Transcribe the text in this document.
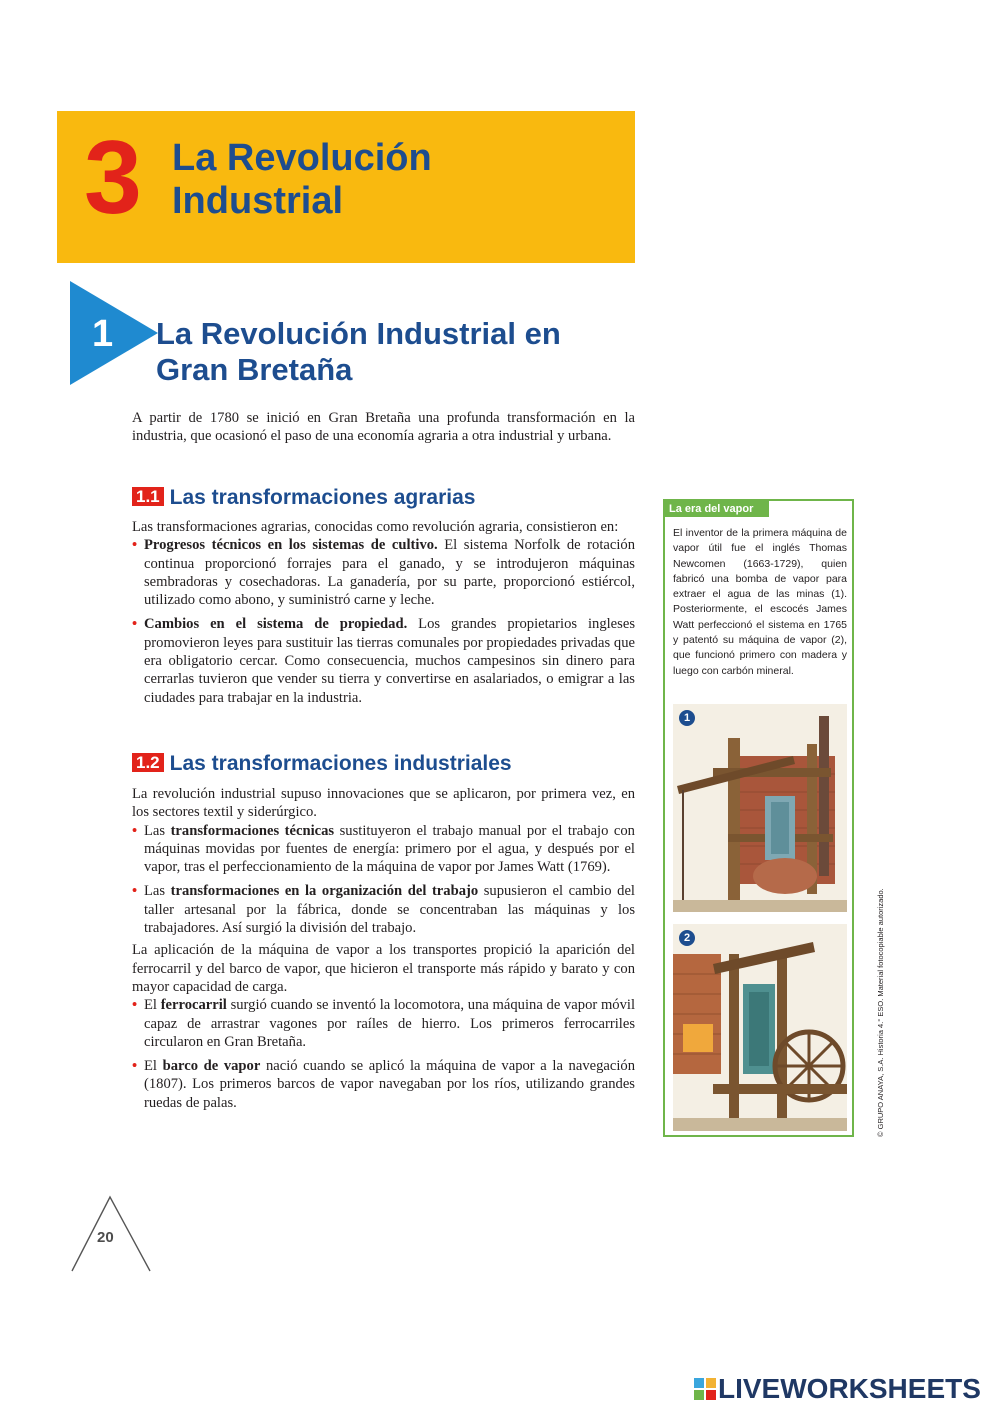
3 La Revolución
Industrial
1 La Revolución Industrial en
Gran Bretaña

A partir de 1780 se inició en Gran Bretaña una profunda transformación en la industria, que ocasionó el paso de una economía agraria a otra industrial y urbana.

1.1 Las transformaciones agrarias

Las transformaciones agrarias, conocidas como revolución agraria, consistieron en:

• Progresos técnicos en los sistemas de cultivo. El sistema Norfolk de rotación continua proporcionó forrajes para el ganado, y se introdujeron máquinas sembradoras y cosechadoras. La ganadería, por su parte, proporcionó estiércol, utilizado como abono, y suministró carne y leche.
• Cambios en el sistema de propiedad. Los grandes propietarios ingleses promovieron leyes para sustituir las tierras comunales por propiedades privadas que era obligatorio cercar. Como consecuencia, muchos campesinos sin dinero para cerrarlas tuvieron que vender su tierra y convertirse en asalariados, o emigrar a las ciudades para trabajar en la industria.
1.2 Las transformaciones industriales

La revolución industrial supuso innovaciones que se aplicaron, por primera vez, en los sectores textil y siderúrgico.

• Las transformaciones técnicas sustituyeron el trabajo manual por el trabajo con máquinas movidas por fuentes de energía: primero por el agua, y después por el vapor, tras el perfeccionamiento de la máquina de vapor por James Watt (1769).
• Las transformaciones en la organización del trabajo supusieron el cambio del taller artesanal por la fábrica, donde se concentraban las máquinas y los trabajadores. Así surgió la división del trabajo.

La aplicación de la máquina de vapor a los transportes propició la aparición del ferrocarril y del barco de vapor, que hicieron el transporte más rápido y barato y con mayor capacidad de carga.

• El ferrocarril surgió cuando se inventó la locomotora, una máquina de vapor móvil capaz de arrastrar vagones por raíles de hierro. Los primeros ferrocarriles circularon en Gran Bretaña.
• El barco de vapor nació cuando se aplicó la máquina de vapor a la navegación (1807). Los primeros barcos de vapor navegaban por los ríos, utilizando grandes ruedas de palas.
La era del vapor
El inventor de la primera máquina de vapor útil fue el inglés Thomas Newcomen (1663-1729), quien fabricó una bomba de vapor para extraer el agua de las minas (1). Posteriormente, el escocés James Watt perfeccionó el sistema en 1765 y patentó su máquina de vapor (2), que funcionó primero con madera y luego con carbón mineral.
1
2	© GRUPO ANAYA, S.A. Historia 4.° ESO. Material fotocopiable autorizado.
20
LIVEWORKSHEETS
